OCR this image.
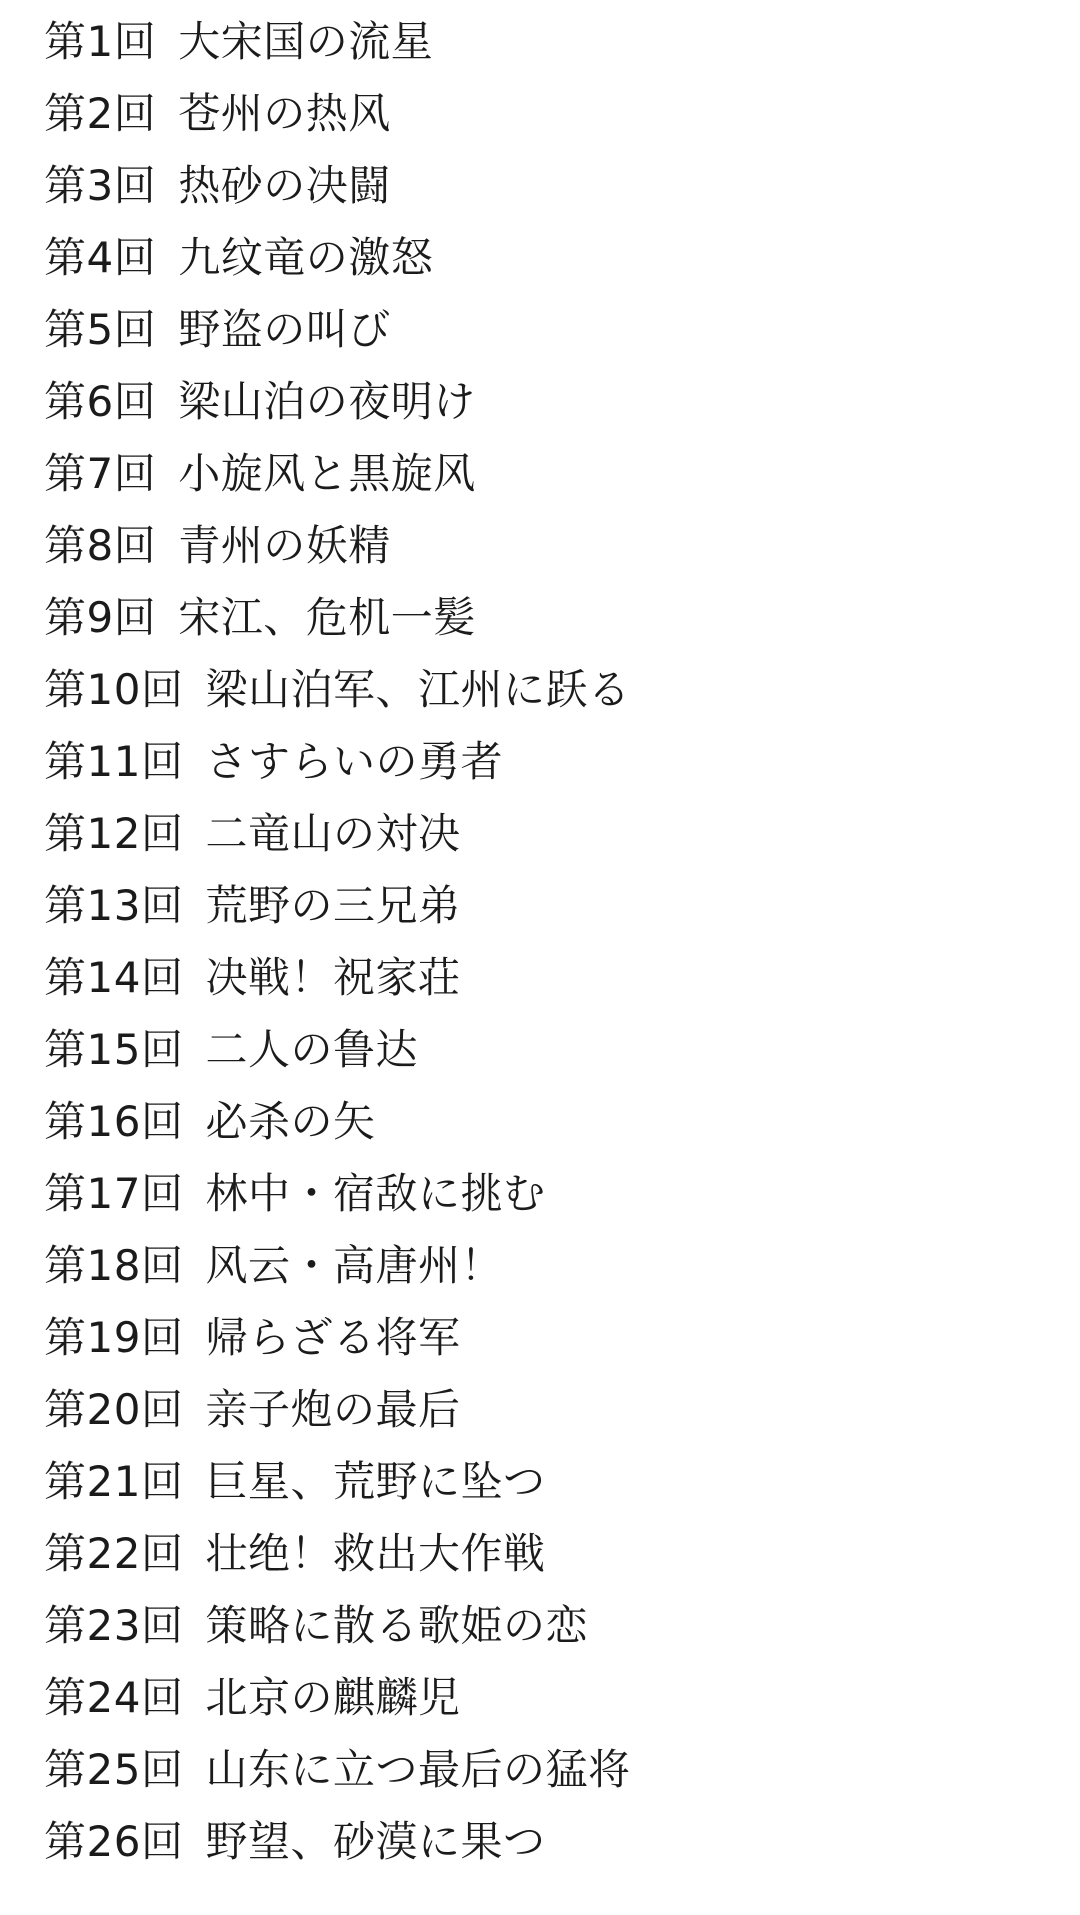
第1回 大宋国の流星
第2回 苍州の热风
第3回 热砂の决闘
第4回 九纹竜の激怒
第5回 野盗の叫び
第6回 梁山泊の夜明け
第7回 小旋风と黒旋风
第8回 青州の妖精
第9回 宋江、危机一髪
第10回 梁山泊军、江州に跃る
第11回 さすらいの勇者
第12回 二竜山の対决
第13回 荒野の三兄弟
第14回 决戦！祝家荘
第15回 二人の鲁达
第16回 必杀の矢
第17回 林中・宿敌に挑む
第18回 风云・高唐州！
第19回 帰らざる将军
第20回 亲子炮の最后
第21回 巨星、荒野に坠つ
第22回 壮绝！救出大作戦
第23回 策略に散る歌姫の恋
第24回 北京の麒麟児
第25回 山东に立つ最后の猛将
第26回 野望、砂漠に果つ
